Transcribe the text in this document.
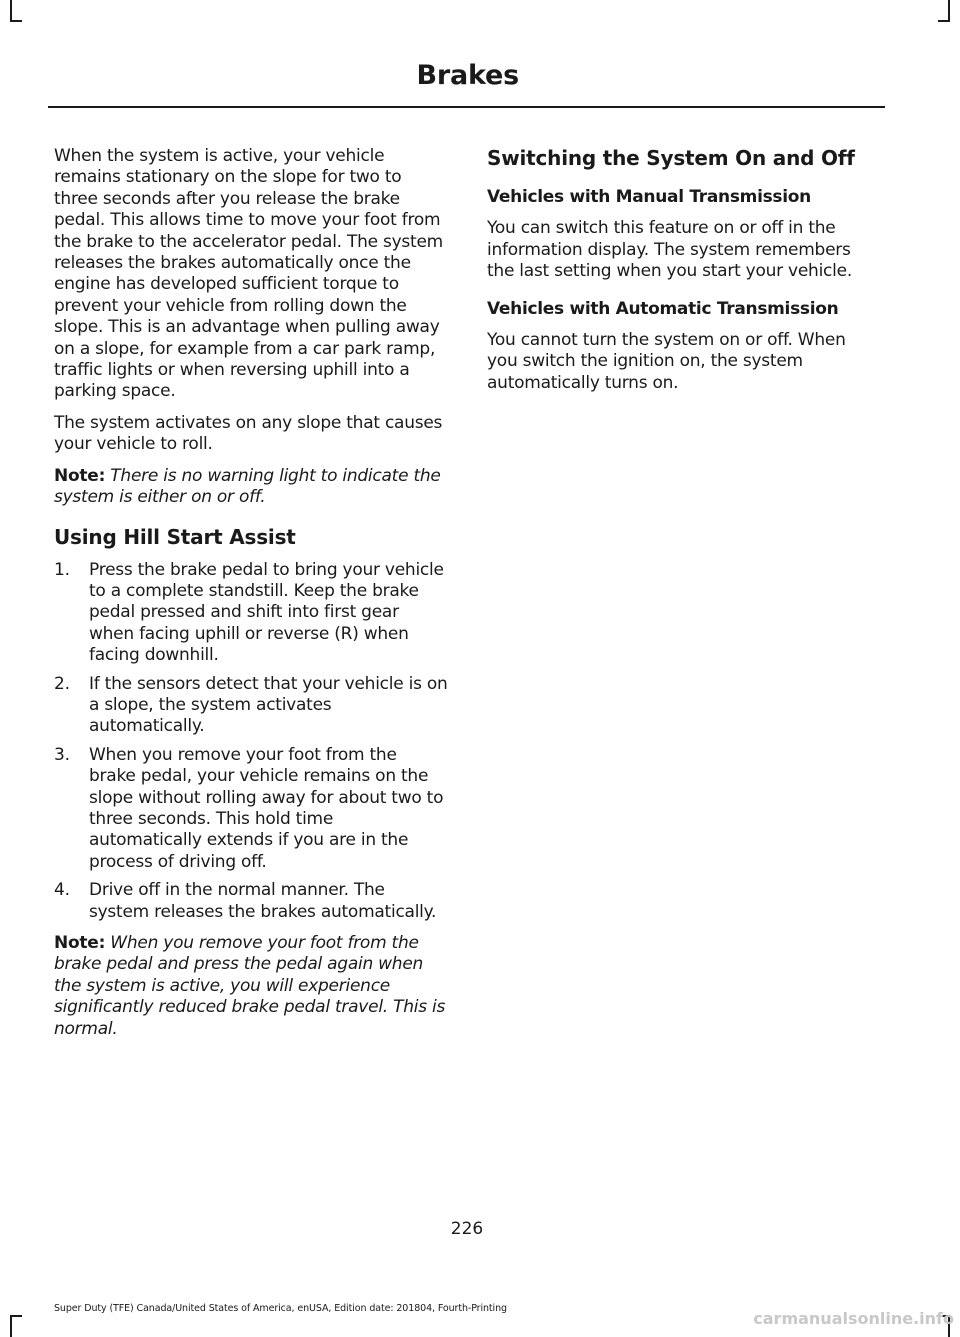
Brakes

When the system is active, your vehicle remains stationary on the slope for two to three seconds after you release the brake pedal. This allows time to move your foot from the brake to the accelerator pedal. The system releases the brakes automatically once the engine has developed sufficient torque to prevent your vehicle from rolling down the slope. This is an advantage when pulling away on a slope, for example from a car park ramp, traffic lights or when reversing uphill into a parking space.

The system activates on any slope that causes your vehicle to roll.

Note: There is no warning light to indicate the system is either on or off.

Using Hill Start Assist
1. Press the brake pedal to bring your vehicle to a complete standstill. Keep the brake pedal pressed and shift into first gear when facing uphill or reverse (R) when facing downhill.
2. If the sensors detect that your vehicle is on a slope, the system activates automatically.
3. When you remove your foot from the brake pedal, your vehicle remains on the slope without rolling away for about two to three seconds. This hold time automatically extends if you are in the process of driving off.
4. Drive off in the normal manner. The system releases the brakes automatically.

Note: When you remove your foot from the brake pedal and press the pedal again when the system is active, you will experience significantly reduced brake pedal travel. This is normal.

Switching the System On and Off
Vehicles with Manual Transmission

You can switch this feature on or off in the information display. The system remembers the last setting when you start your vehicle.

Vehicles with Automatic Transmission

You cannot turn the system on or off. When you switch the ignition on, the system automatically turns on.

226
Super Duty (TFE) Canada/United States of America, enUSA, Edition date: 201804, Fourth-Printing
carmanualsonline.info
